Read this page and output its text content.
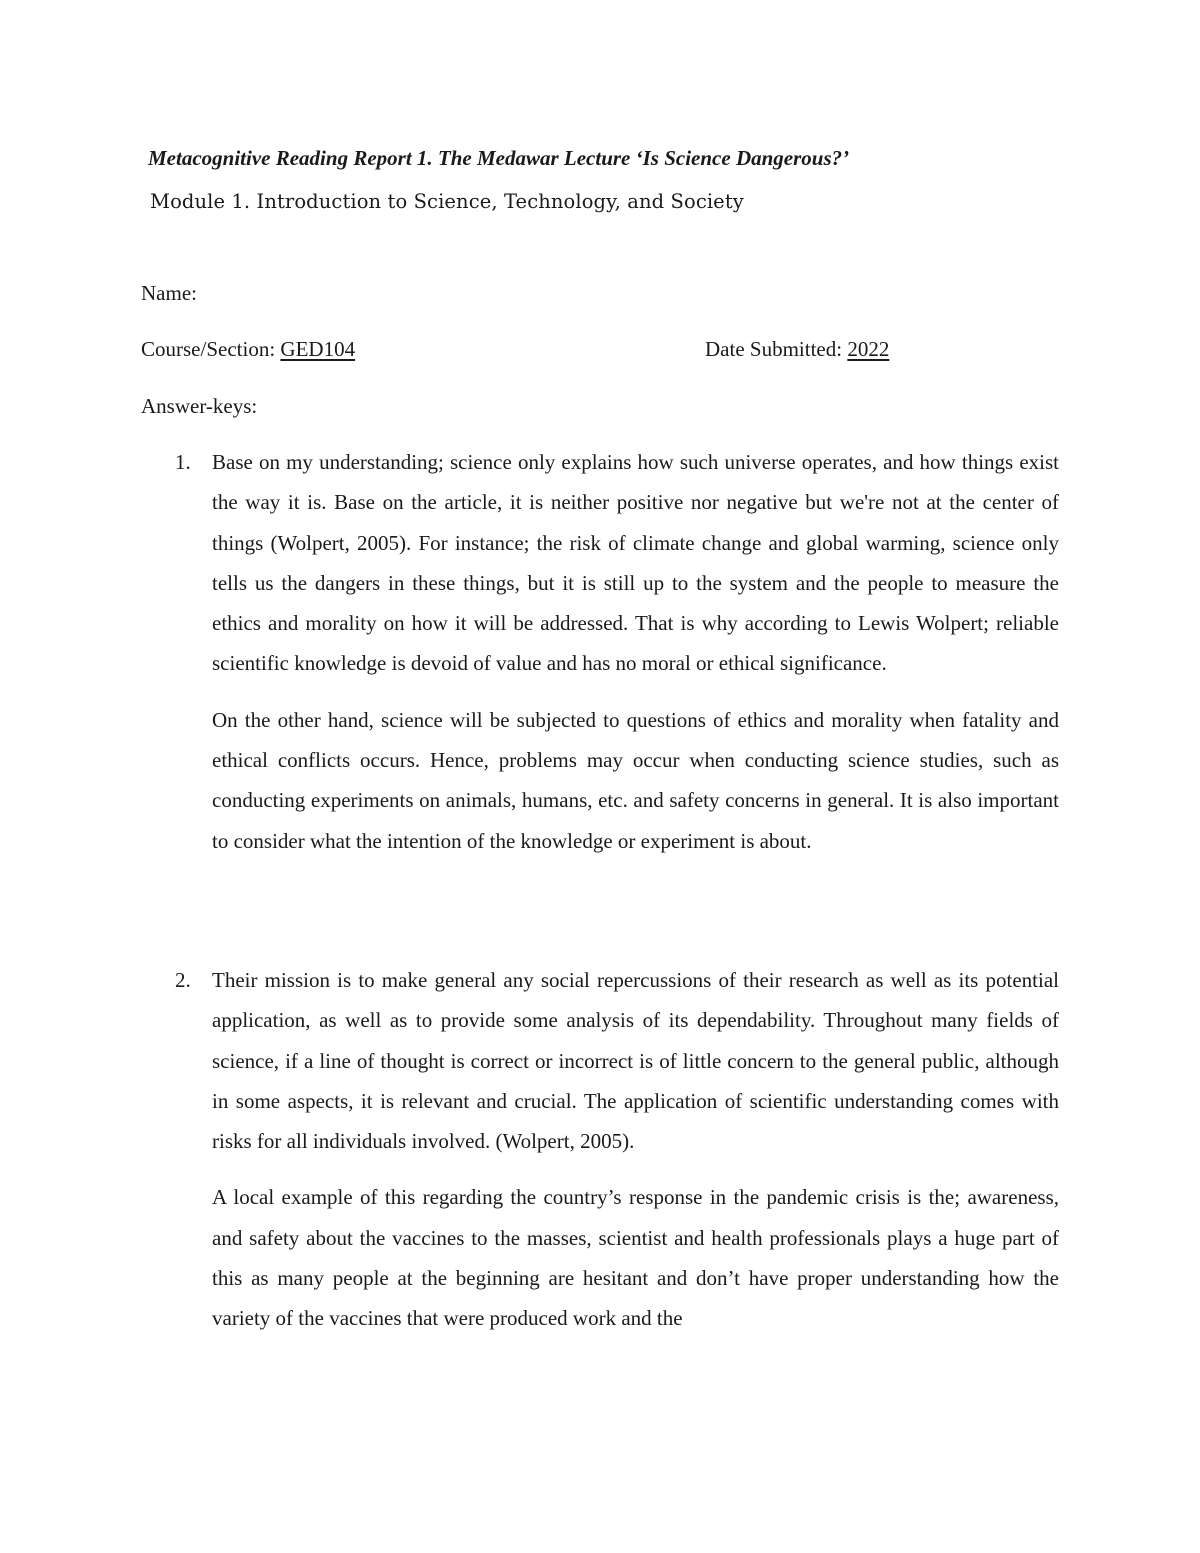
Metacognitive Reading Report 1. The Medawar Lecture ‘Is Science Dangerous?’
Module 1. Introduction to Science, Technology, and Society
Name:
Course/Section: GED104	Date Submitted: 2022
Answer-keys:
1. Base on my understanding; science only explains how such universe operates, and how things exist the way it is. Base on the article, it is neither positive nor negative but we're not at the center of things (Wolpert, 2005). For instance; the risk of climate change and global warming, science only tells us the dangers in these things, but it is still up to the system and the people to measure the ethics and morality on how it will be addressed. That is why according to Lewis Wolpert; reliable scientific knowledge is devoid of value and has no moral or ethical significance.

On the other hand, science will be subjected to questions of ethics and morality when fatality and ethical conflicts occurs. Hence, problems may occur when conducting science studies, such as conducting experiments on animals, humans, etc. and safety concerns in general. It is also important to consider what the intention of the knowledge or experiment is about.

2. Their mission is to make general any social repercussions of their research as well as its potential application, as well as to provide some analysis of its dependability. Throughout many fields of science, if a line of thought is correct or incorrect is of little concern to the general public, although in some aspects, it is relevant and crucial. The application of scientific understanding comes with risks for all individuals involved. (Wolpert, 2005).

A local example of this regarding the country’s response in the pandemic crisis is the; awareness, and safety about the vaccines to the masses, scientist and health professionals plays a huge part of this as many people at the beginning are hesitant and don’t have proper understanding how the variety of the vaccines that were produced work and the
